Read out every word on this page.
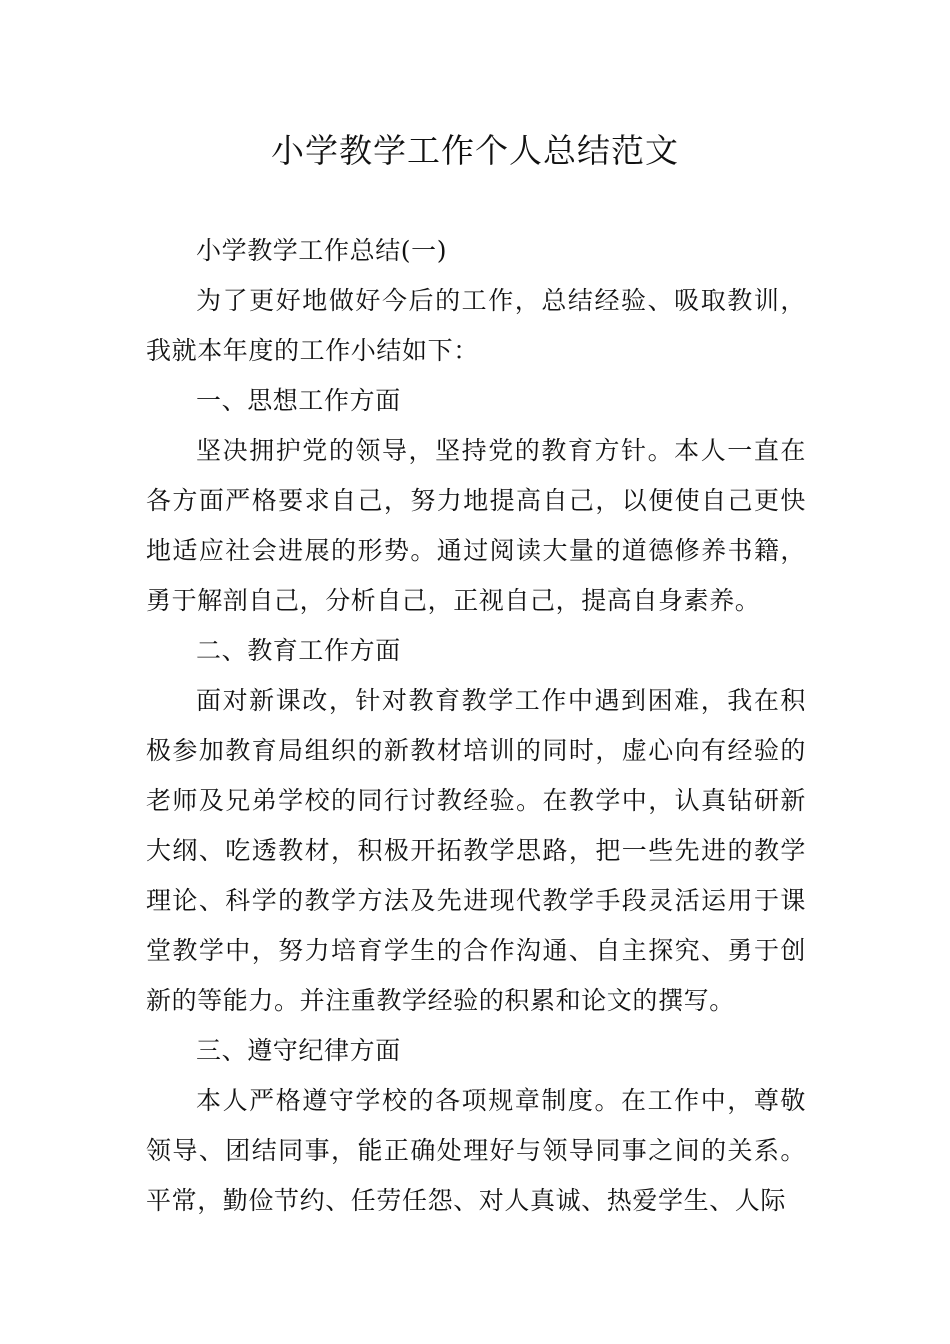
小学教学工作个人总结范文

小学教学工作总结(一)

为了更好地做好今后的工作，总结经验、吸取教训，我就本年度的工作小结如下：

一、思想工作方面

坚决拥护党的领导，坚持党的教育方针。本人一直在各方面严格要求自己，努力地提高自己，以便使自己更快地适应社会进展的形势。通过阅读大量的道德修养书籍，勇于解剖自己，分析自己，正视自己，提高自身素养。

二、教育工作方面

面对新课改，针对教育教学工作中遇到困难，我在积极参加教育局组织的新教材培训的同时，虚心向有经验的老师及兄弟学校的同行讨教经验。在教学中，认真钻研新大纲、吃透教材，积极开拓教学思路，把一些先进的教学理论、科学的教学方法及先进现代教学手段灵活运用于课堂教学中，努力培育学生的合作沟通、自主探究、勇于创新的等能力。并注重教学经验的积累和论文的撰写。

三、遵守纪律方面

本人严格遵守学校的各项规章制度。在工作中，尊敬领导、团结同事，能正确处理好与领导同事之间的关系。平常，勤俭节约、任劳任怨、对人真诚、热爱学生、人际
